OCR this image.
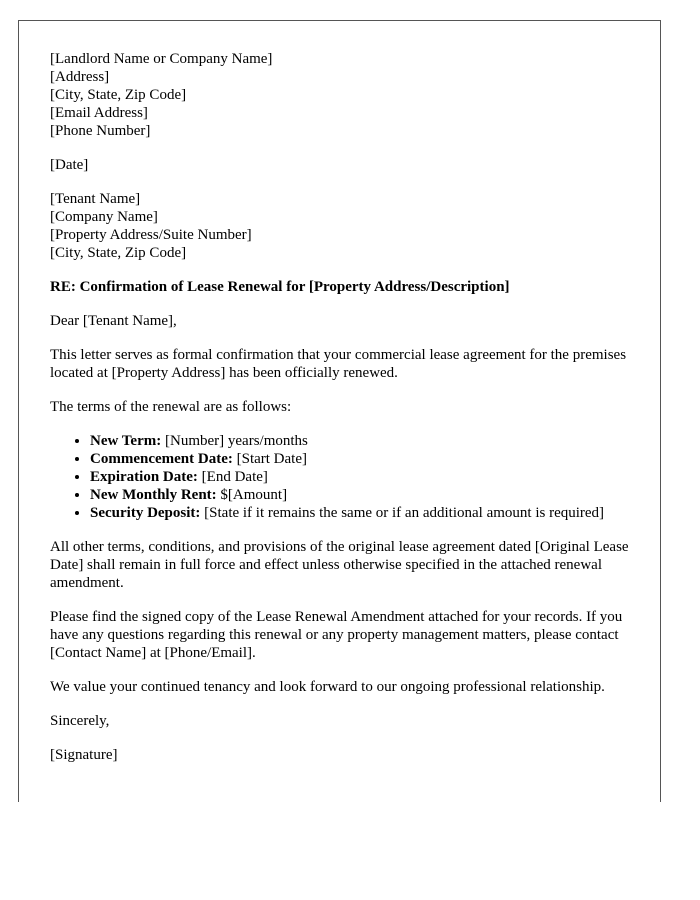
[Landlord Name or Company Name]
[Address]
[City, State, Zip Code]
[Email Address]
[Phone Number]
[Date]
[Tenant Name]
[Company Name]
[Property Address/Suite Number]
[City, State, Zip Code]

RE: Confirmation of Lease Renewal for [Property Address/Description]

Dear [Tenant Name],

This letter serves as formal confirmation that your commercial lease agreement for the premises located at [Property Address] has been officially renewed.

The terms of the renewal are as follows:

• New Term: [Number] years/months
• Commencement Date: [Start Date]
• Expiration Date: [End Date]
• New Monthly Rent: $[Amount]
• Security Deposit: [State if it remains the same or if an additional amount is required]

All other terms, conditions, and provisions of the original lease agreement dated [Original Lease Date] shall remain in full force and effect unless otherwise specified in the attached renewal amendment.

Please find the signed copy of the Lease Renewal Amendment attached for your records. If you have any questions regarding this renewal or any property management matters, please contact [Contact Name] at [Phone/Email].

We value your continued tenancy and look forward to our ongoing professional relationship.

Sincerely,

[Signature]
